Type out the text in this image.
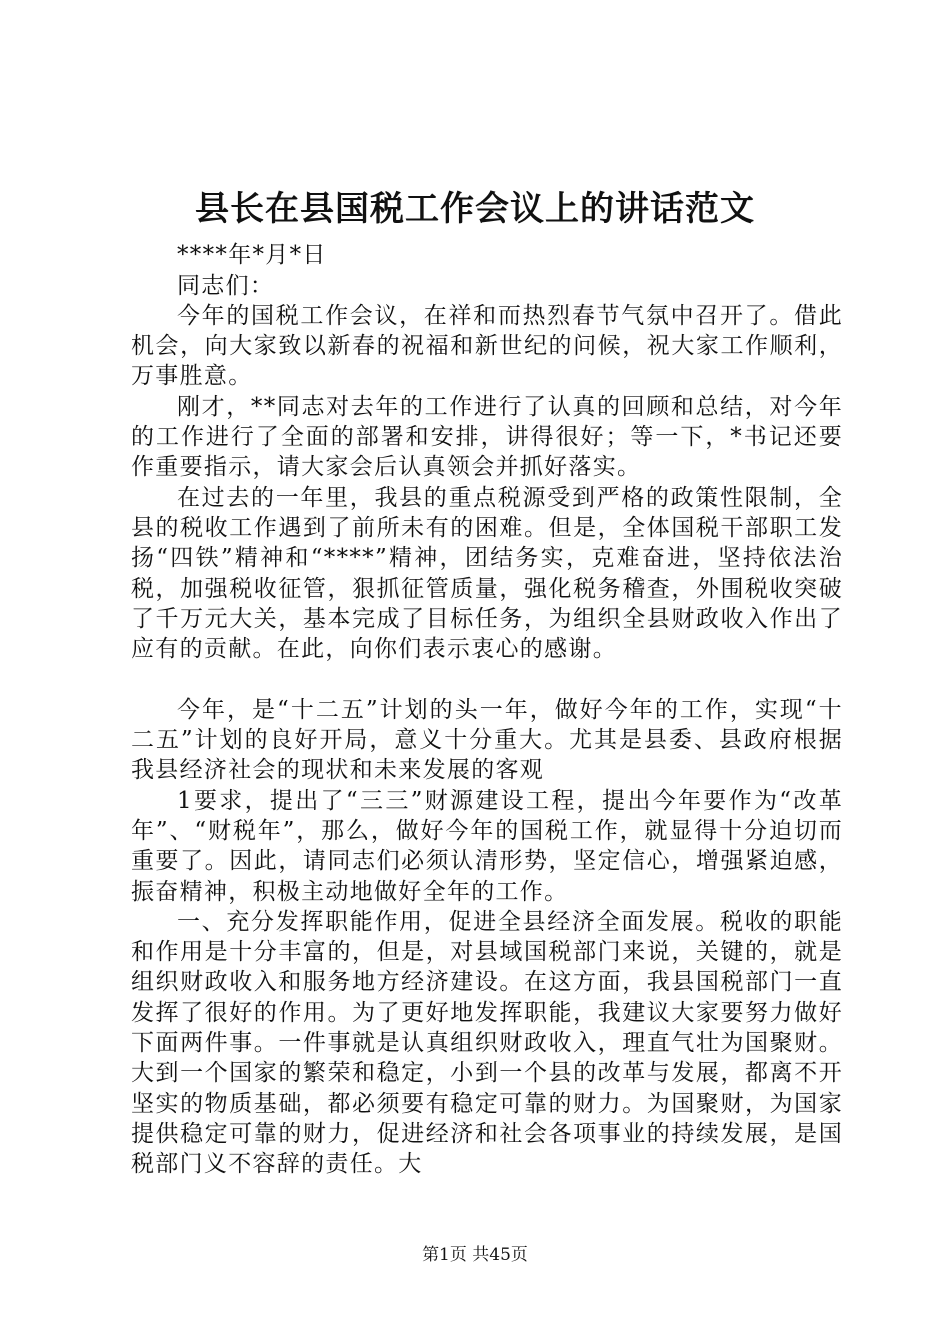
县长在县国税工作会议上的讲话范文

****年*月*日

同志们：

今年的国税工作会议，在祥和而热烈春节气氛中召开了。借此机会，向大家致以新春的祝福和新世纪的问候，祝大家工作顺利，万事胜意。

刚才，**同志对去年的工作进行了认真的回顾和总结，对今年的工作进行了全面的部署和安排，讲得很好；等一下，*书记还要作重要指示，请大家会后认真领会并抓好落实。

在过去的一年里，我县的重点税源受到严格的政策性限制，全县的税收工作遇到了前所未有的困难。但是，全体国税干部职工发扬“四铁”精神和“****”精神，团结务实，克难奋进，坚持依法治税，加强税收征管，狠抓征管质量，强化税务稽查，外围税收突破了千万元大关，基本完成了目标任务，为组织全县财政收入作出了应有的贡献。在此，向你们表示衷心的感谢。

今年，是“十二五”计划的头一年，做好今年的工作，实现“十二五”计划的良好开局，意义十分重大。尤其是县委、县政府根据我县经济社会的现状和未来发展的客观

1要求，提出了“三三”财源建设工程，提出今年要作为“改革年”、“财税年”，那么，做好今年的国税工作，就显得十分迫切而重要了。因此，请同志们必须认清形势，坚定信心，增强紧迫感，振奋精神，积极主动地做好全年的工作。

一、充分发挥职能作用，促进全县经济全面发展。税收的职能和作用是十分丰富的，但是，对县域国税部门来说，关键的，就是组织财政收入和服务地方经济建设。在这方面，我县国税部门一直发挥了很好的作用。为了更好地发挥职能，我建议大家要努力做好下面两件事。一件事就是认真组织财政收入，理直气壮为国聚财。大到一个国家的繁荣和稳定，小到一个县的改革与发展，都离不开坚实的物质基础，都必须要有稳定可靠的财力。为国聚财，为国家提供稳定可靠的财力，促进经济和社会各项事业的持续发展，是国税部门义不容辞的责任。大

第1页 共45页
